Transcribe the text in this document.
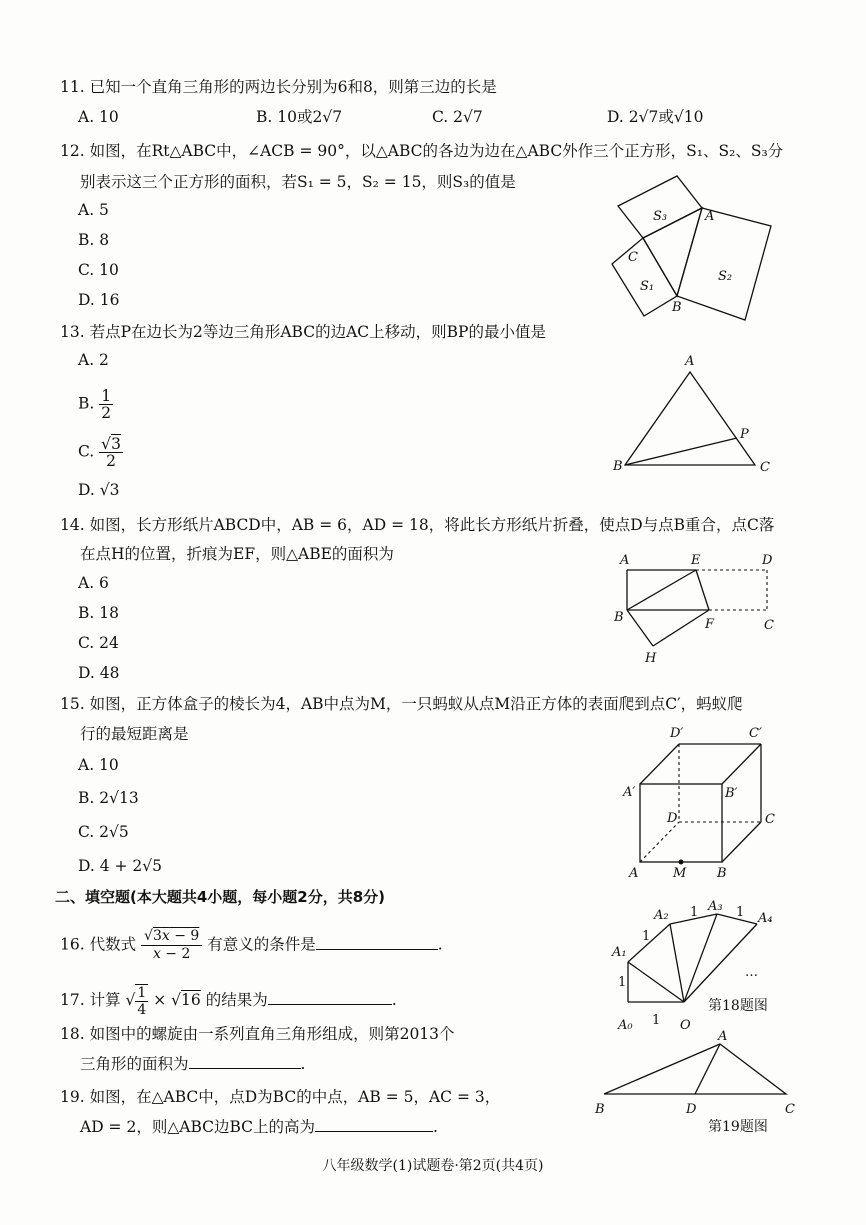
11. 已知一个直角三角形的两边长分别为6和8，则第三边的长是
A. 10	B. 10或2√7	C. 2√7	D. 2√7或√10
12. 如图，在Rt△ABC中，∠ACB = 90°，以△ABC的各边为边在△ABC外作三个正方形，S₁、S₂、S₃分
别表示这三个正方形的面积，若S₁ = 5，S₂ = 15，则S₃的值是
A. 5
B. 8
C. 10
D. 16
S₃
S₁
S₂
A
C
B
13. 若点P在边长为2等边三角形ABC的边AC上移动，则BP的最小值是
A. 2
B. $\frac{1}{2}$
C. $\frac{√3}{2}$
D. √3
A
B	C
P
14. 如图，长方形纸片ABCD中，AB = 6，AD = 18，将此长方形纸片折叠，使点D与点B重合，点C落
在点H的位置，折痕为EF，则△ABE的面积为
A. 6
B. 18
C. 24
D. 48
A	E	D
B	F	C
H
15. 如图，正方体盒子的棱长为4，AB中点为M，一只蚂蚁从点M沿正方体的表面爬到点C′，蚂蚁爬
行的最短距离是
A. 10
B. 2√13
C. 2√5
D. 4 + 2√5
D′	C′
A′	B′
D	C
A	M B
二、填空题(本大题共4小题，每小题2分，共8分)
16. 代数式 $\frac{√3x - 9}{x - 2}$ 有意义的条件是	.
17. 计算 √ $\frac{1}{4} \times √16$ 的结果为	.
18. 如图中的螺旋由一系列直角三角形组成，则第2013个
三角形的面积为	.
A₀
A₁
A₂
A₃
A₄
O
1
1
1
1	1
…
第18题图
19. 如图，在△ABC中，点D为BC的中点，AB = 5，AC = 3，
AD = 2，则△ABC边BC上的高为	.
A
B	D	C
第19题图
八年级数学(1)试题卷·第2页(共4页)
